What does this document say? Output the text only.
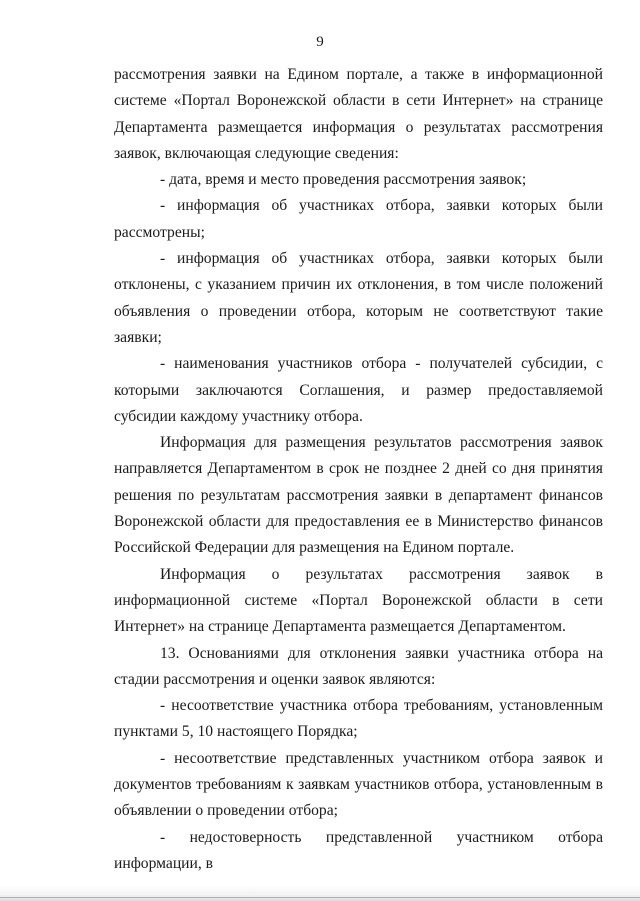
9

рассмотрения заявки на Едином портале, а также в информационной системе «Портал Воронежской области в сети Интернет» на странице Департамента размещается информация о результатах рассмотрения заявок, включающая следующие сведения:

- дата, время и место проведения рассмотрения заявок;

- информация об участниках отбора, заявки которых были рассмотрены;

- информация об участниках отбора, заявки которых были отклонены, с указанием причин их отклонения, в том числе положений объявления о проведении отбора, которым не соответствуют такие заявки;

- наименования участников отбора - получателей субсидии, с которыми заключаются Соглашения, и размер предоставляемой субсидии каждому участнику отбора.

Информация для размещения результатов рассмотрения заявок направляется Департаментом в срок не позднее 2 дней со дня принятия решения по результатам рассмотрения заявки в департамент финансов Воронежской области для предоставления ее в Министерство финансов Российской Федерации для размещения на Едином портале.

Информация о результатах рассмотрения заявок в информационной системе «Портал Воронежской области в сети Интернет» на странице Департамента размещается Департаментом.

13. Основаниями для отклонения заявки участника отбора на стадии рассмотрения и оценки заявок являются:

- несоответствие участника отбора требованиям, установленным пунктами 5, 10 настоящего Порядка;

- несоответствие представленных участником отбора заявок и документов требованиям к заявкам участников отбора, установленным в объявлении о проведении отбора;

- недостоверность представленной участником отбора информации, в
